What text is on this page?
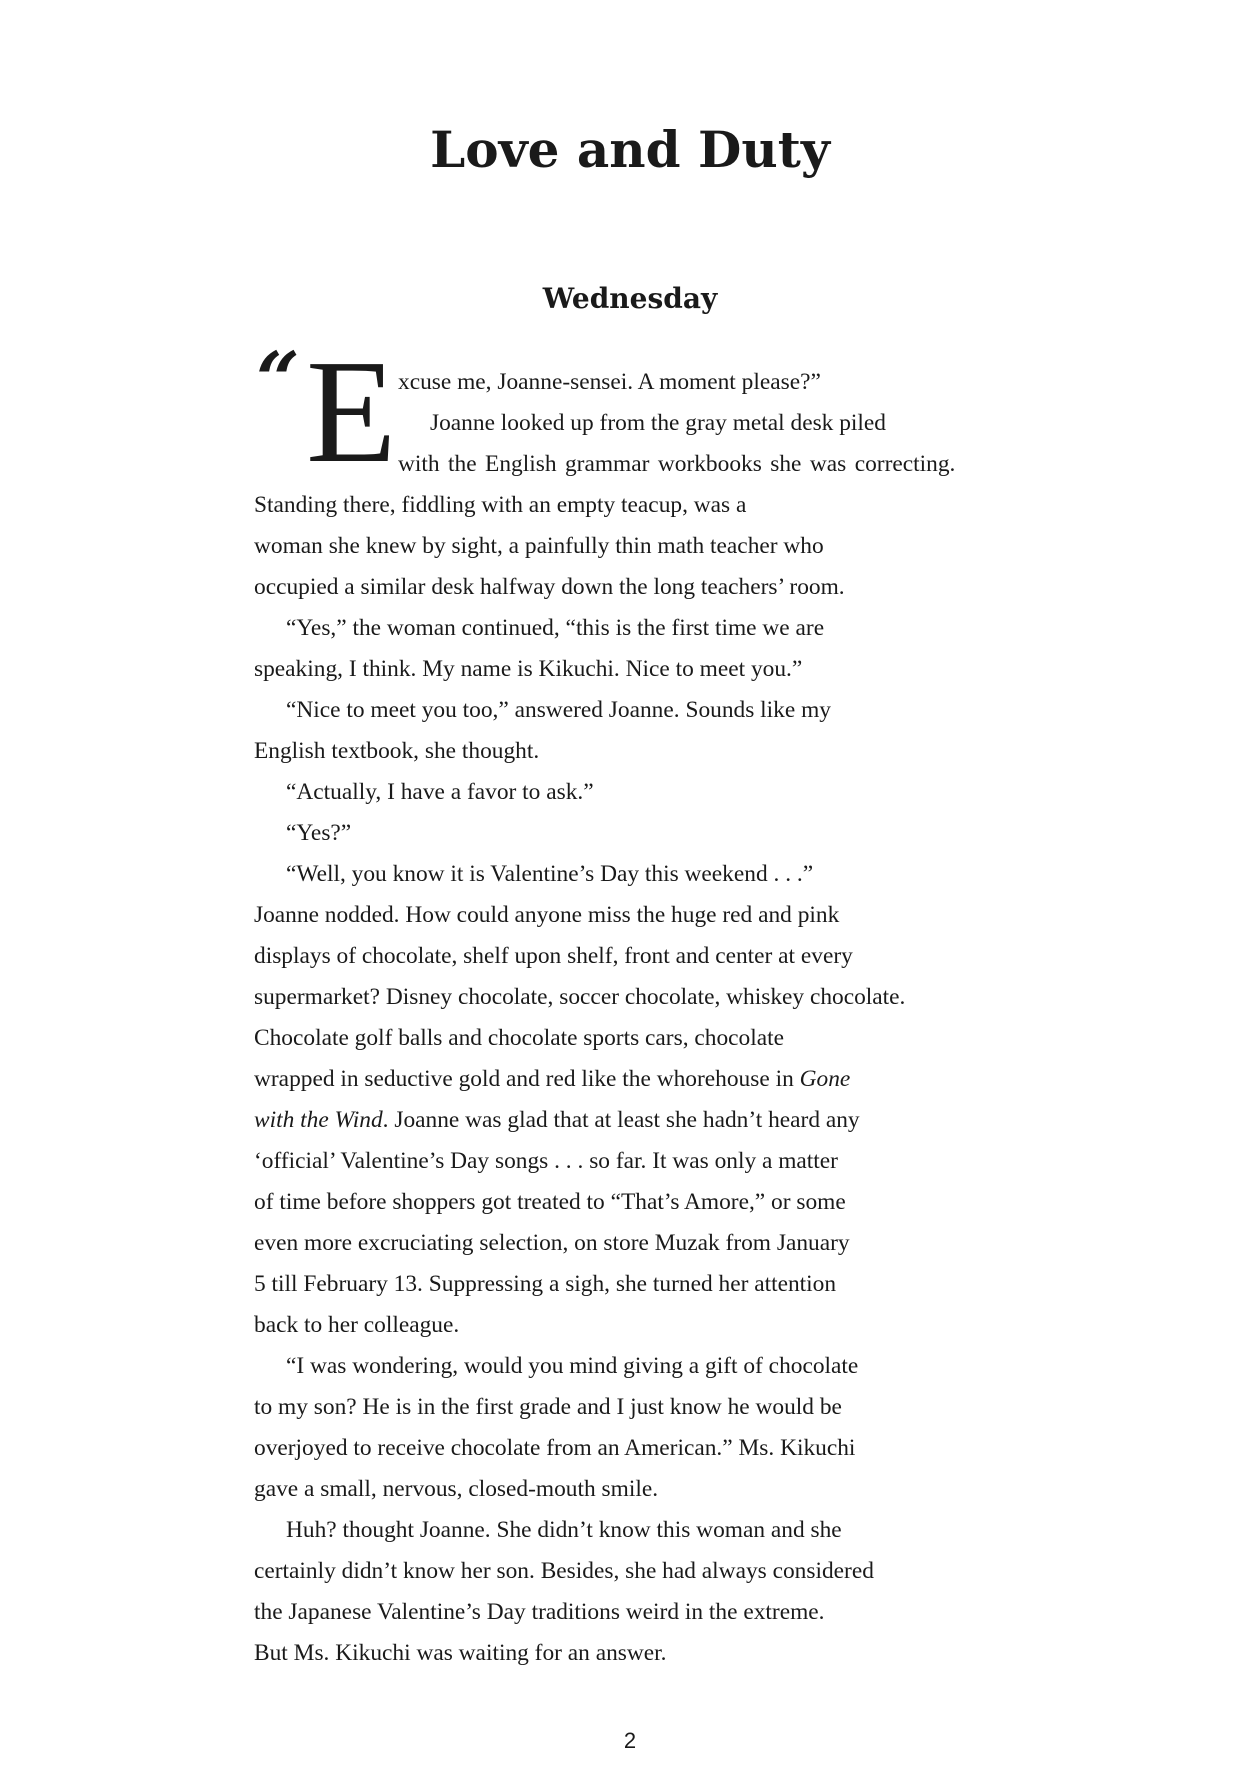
Love and Duty
Wednesday
“ E xcuse me, Joanne-sensei. A moment please?”
Joanne looked up from the gray metal desk piled
with the English grammar workbooks she was correcting.
Standing there, fiddling with an empty teacup, was a
woman she knew by sight, a painfully thin math teacher who
occupied a similar desk halfway down the long teachers’ room.
“Yes,” the woman continued, “this is the first time we are
speaking, I think. My name is Kikuchi. Nice to meet you.”
“Nice to meet you too,” answered Joanne. Sounds like my
English textbook, she thought.
“Actually, I have a favor to ask.”
“Yes?”
“Well, you know it is Valentine’s Day this weekend . . .”
Joanne nodded. How could anyone miss the huge red and pink
displays of chocolate, shelf upon shelf, front and center at every
supermarket? Disney chocolate, soccer chocolate, whiskey chocolate.
Chocolate golf balls and chocolate sports cars, chocolate
wrapped in seductive gold and red like the whorehouse in Gone
with the Wind. Joanne was glad that at least she hadn’t heard any
‘official’ Valentine’s Day songs . . . so far. It was only a matter
of time before shoppers got treated to “That’s Amore,” or some
even more excruciating selection, on store Muzak from January
5 till February 13. Suppressing a sigh, she turned her attention
back to her colleague.
“I was wondering, would you mind giving a gift of chocolate
to my son? He is in the first grade and I just know he would be
overjoyed to receive chocolate from an American.” Ms. Kikuchi
gave a small, nervous, closed-mouth smile.
Huh? thought Joanne. She didn’t know this woman and she
certainly didn’t know her son. Besides, she had always considered
the Japanese Valentine’s Day traditions weird in the extreme.
But Ms. Kikuchi was waiting for an answer.
2
